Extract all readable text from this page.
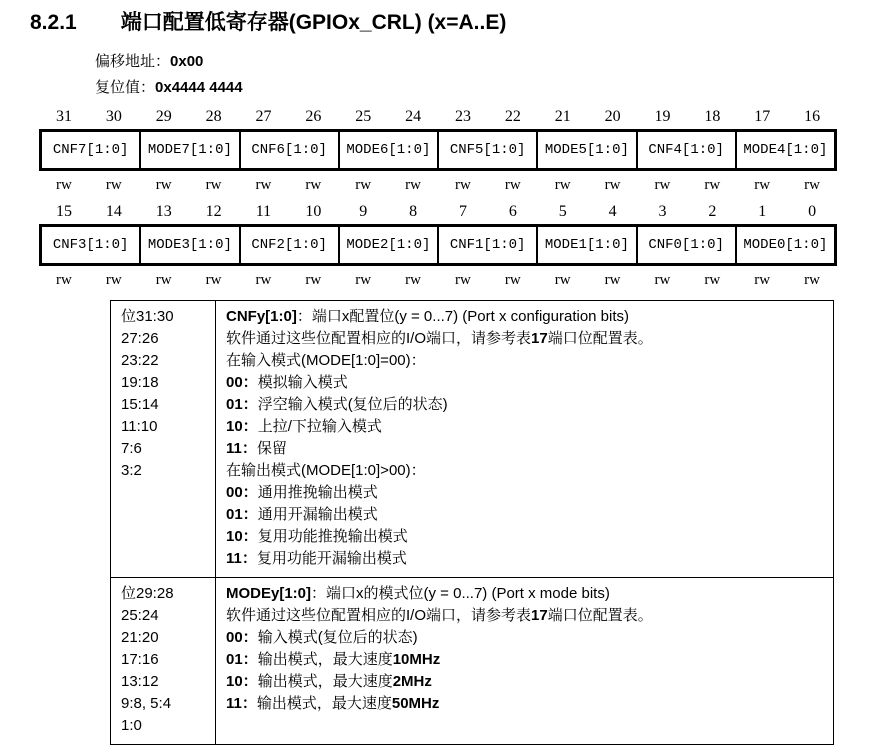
8.2.1 端口配置低寄存器(GPIOx_CRL) (x=A..E)
偏移地址：0x00
复位值：0x4444 4444
31	30	29	28	27	26	25	24	23	22	21	20	19	18	17	16
CNF7[1:0]	MODE7[1:0]	CNF6[1:0]	MODE6[1:0]	CNF5[1:0]	MODE5[1:0]	CNF4[1:0]	MODE4[1:0]
rw	rw	rw	rw	rw	rw	rw	rw	rw	rw	rw	rw	rw	rw	rw	rw
15	14	13	12	11	10	9	8	7	6	5	4	3	2	1	0
CNF3[1:0]	MODE3[1:0]	CNF2[1:0]	MODE2[1:0]	CNF1[1:0]	MODE1[1:0]	CNF0[1:0]	MODE0[1:0]
rw	rw	rw	rw	rw	rw	rw	rw	rw	rw	rw	rw	rw	rw	rw	rw
位31:30
27:26
23:22
19:18
15:14
11:10
7:6
3:2

CNFy[1:0]：端口x配置位(y = 0...7) (Port x configuration bits)
软件通过这些位配置相应的I/O端口，请参考表17端口位配置表。
在输入模式(MODE[1:0]=00)：
00：模拟输入模式
01：浮空输入模式(复位后的状态)
10：上拉/下拉输入模式
11：保留
在输出模式(MODE[1:0]>00)：
00：通用推挽输出模式
01：通用开漏输出模式
10：复用功能推挽输出模式
11：复用功能开漏输出模式

位29:28
25:24
21:20
17:16
13:12
9:8, 5:4
1:0

MODEy[1:0]：端口x的模式位(y = 0...7) (Port x mode bits)
软件通过这些位配置相应的I/O端口，请参考表17端口位配置表。
00：输入模式(复位后的状态)
01：输出模式，最大速度10MHz
10：输出模式，最大速度2MHz
11：输出模式，最大速度50MHz
